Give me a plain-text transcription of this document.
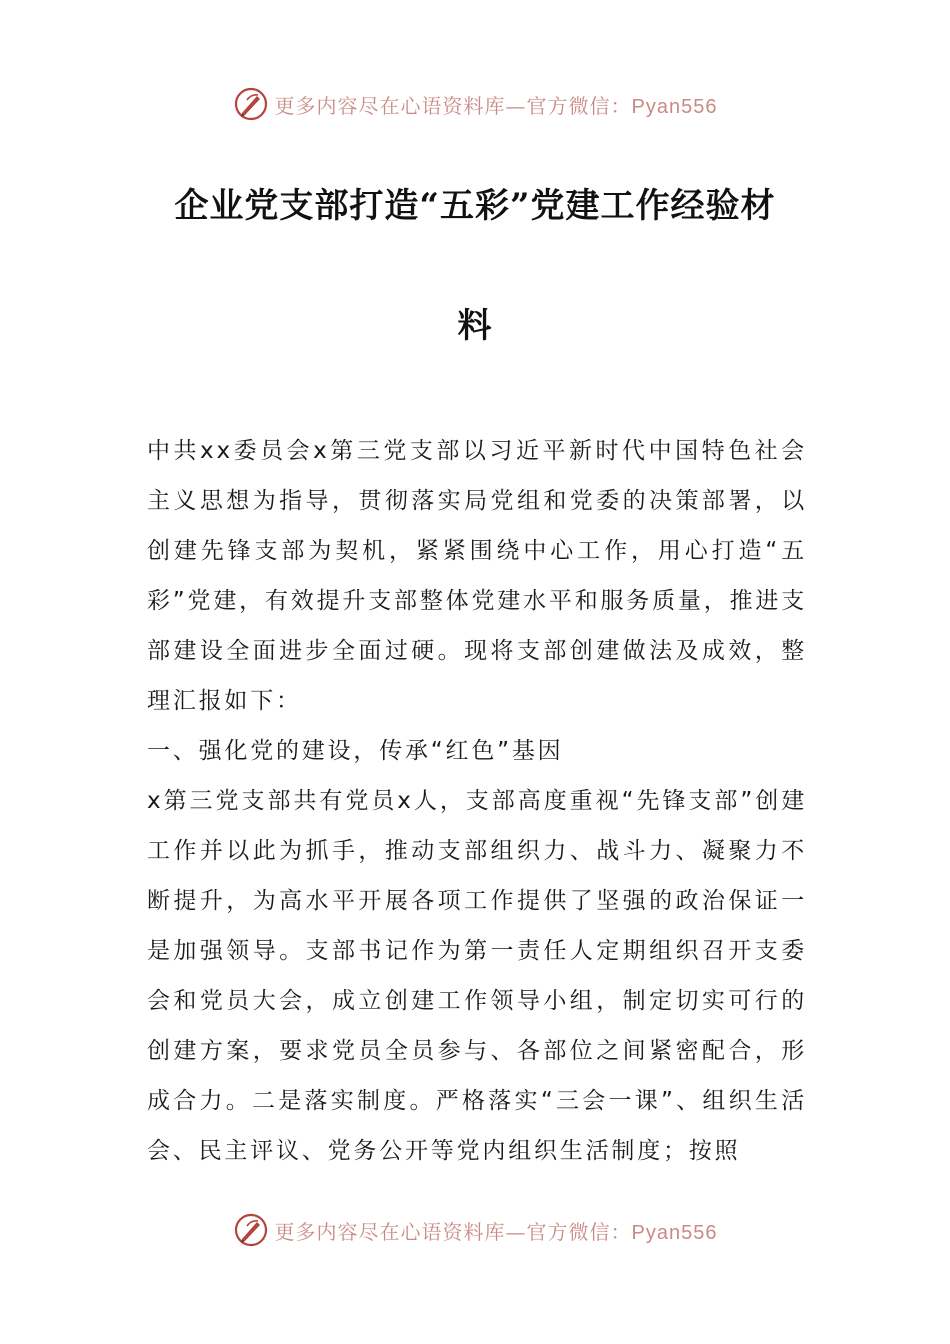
更多内容尽在心语资料库—官方微信：Pyan556
企业党支部打造“五彩”党建工作经验材
料

中共xx委员会x第三党支部以习近平新时代中国特色社会主义思想为指导，贯彻落实局党组和党委的决策部署，以创建先锋支部为契机，紧紧围绕中心工作，用心打造“五彩”党建，有效提升支部整体党建水平和服务质量，推进支部建设全面进步全面过硬。现将支部创建做法及成效，整理汇报如下：

一、强化党的建设，传承“红色”基因

x第三党支部共有党员x人，支部高度重视“先锋支部”创建工作并以此为抓手，推动支部组织力、战斗力、凝聚力不断提升，为高水平开展各项工作提供了坚强的政治保证一是加强领导。支部书记作为第一责任人定期组织召开支委会和党员大会，成立创建工作领导小组，制定切实可行的创建方案，要求党员全员参与、各部位之间紧密配合，形成合力。二是落实制度。严格落实“三会一课”、组织生活会、民主评议、党务公开等党内组织生活制度；按照

更多内容尽在心语资料库—官方微信：Pyan556
